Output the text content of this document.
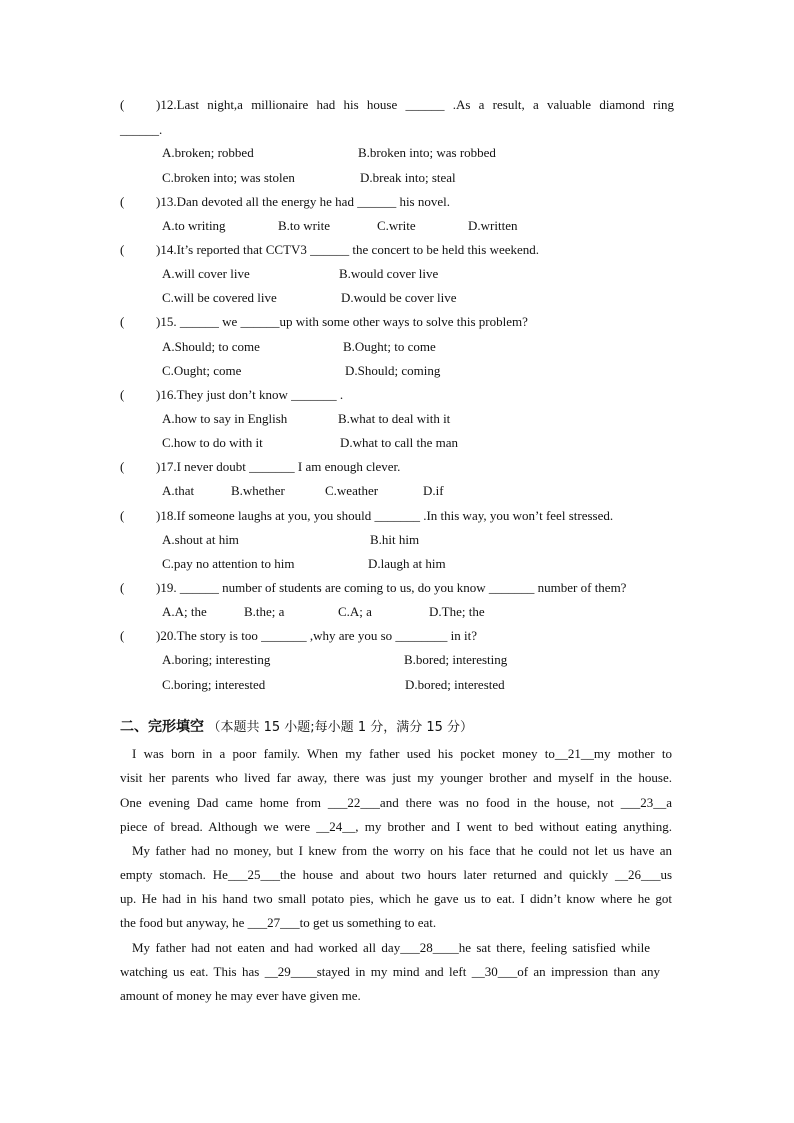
( )12.Last night,a millionaire had his house ______ .As a result, a valuable diamond ring
______.
A.broken; robbed	B.broken into; was robbed
C.broken into; was stolen	D.break into; steal
( )13.Dan devoted all the energy he had ______ his novel.
A.to writing	B.to write	C.write	D.written
( )14.It’s reported that CCTV3 ______ the concert to be held this weekend.
A.will cover live	B.would cover live
C.will be covered live	D.would be cover live
( )15. ______ we ______up with some other ways to solve this problem?
A.Should; to come	B.Ought; to come
C.Ought; come	D.Should; coming
( )16.They just don’t know _______ .
A.how to say in English	B.what to deal with it
C.how to do with it	D.what to call the man
( )17.I never doubt _______ I am enough clever.
A.that	B.whether	C.weather	D.if
( )18.If someone laughs at you, you should _______ .In this way, you won’t feel stressed.
A.shout at him	B.hit him
C.pay no attention to him	D.laugh at him
( )19. ______ number of students are coming to us, do you know _______ number of them?
A.A; the	B.the; a	C.A; a	D.The; the
( )20.The story is too _______ ,why are you so ________ in it?
A.boring; interesting	B.bored; interesting
C.boring; interested	D.bored; interested
二、完形填空 （本题共 15 小题;每小题 1 分，满分 15 分）
I was born in a poor family. When my father used his pocket money to__21__my mother to
visit her parents who lived far away, there was just my younger brother and myself in the house.
One evening Dad came home from ___22___and there was no food in the house, not ___23__a
piece of bread. Although we were __24__, my brother and I went to bed without eating anything.
My father had no money, but I knew from the worry on his face that he could not let us have an
empty stomach. He___25___the house and about two hours later returned and quickly __26___us
up. He had in his hand two small potato pies, which he gave us to eat. I didn’t know where he got
the food but anyway, he ___27___to get us something to eat.
My father had not eaten and had worked all day___28____he sat there, feeling satisfied while
watching us eat. This has __29____stayed in my mind and left __30___of an impression than any
amount of money he may ever have given me.
